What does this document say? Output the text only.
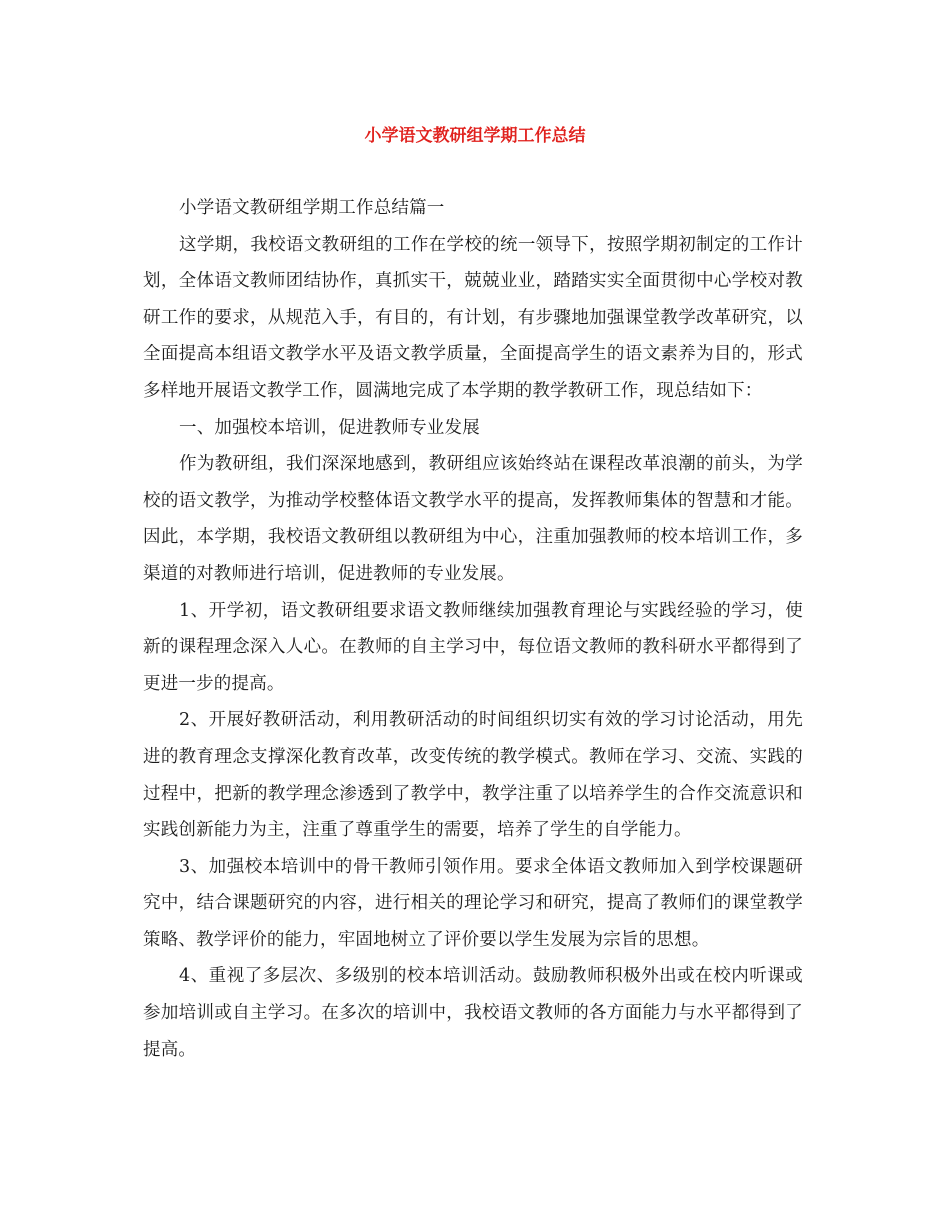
小学语文教研组学期工作总结

小学语文教研组学期工作总结篇一

这学期，我校语文教研组的工作在学校的统一领导下，按照学期初制定的工作计划，全体语文教师团结协作，真抓实干，兢兢业业，踏踏实实全面贯彻中心学校对教研工作的要求，从规范入手，有目的，有计划，有步骤地加强课堂教学改革研究，以全面提高本组语文教学水平及语文教学质量，全面提高学生的语文素养为目的，形式多样地开展语文教学工作，圆满地完成了本学期的教学教研工作，现总结如下：

一、加强校本培训，促进教师专业发展

作为教研组，我们深深地感到，教研组应该始终站在课程改革浪潮的前头，为学校的语文教学，为推动学校整体语文教学水平的提高，发挥教师集体的智慧和才能。因此，本学期，我校语文教研组以教研组为中心，注重加强教师的校本培训工作，多渠道的对教师进行培训，促进教师的专业发展。

1、开学初，语文教研组要求语文教师继续加强教育理论与实践经验的学习，使新的课程理念深入人心。在教师的自主学习中，每位语文教师的教科研水平都得到了更进一步的提高。

2、开展好教研活动，利用教研活动的时间组织切实有效的学习讨论活动，用先进的教育理念支撑深化教育改革，改变传统的教学模式。教师在学习、交流、实践的过程中，把新的教学理念渗透到了教学中，教学注重了以培养学生的合作交流意识和实践创新能力为主，注重了尊重学生的需要，培养了学生的自学能力。

3、加强校本培训中的骨干教师引领作用。要求全体语文教师加入到学校课题研究中，结合课题研究的内容，进行相关的理论学习和研究，提高了教师们的课堂教学策略、教学评价的能力，牢固地树立了评价要以学生发展为宗旨的思想。

4、重视了多层次、多级别的校本培训活动。鼓励教师积极外出或在校内听课或参加培训或自主学习。在多次的培训中，我校语文教师的各方面能力与水平都得到了提高。
